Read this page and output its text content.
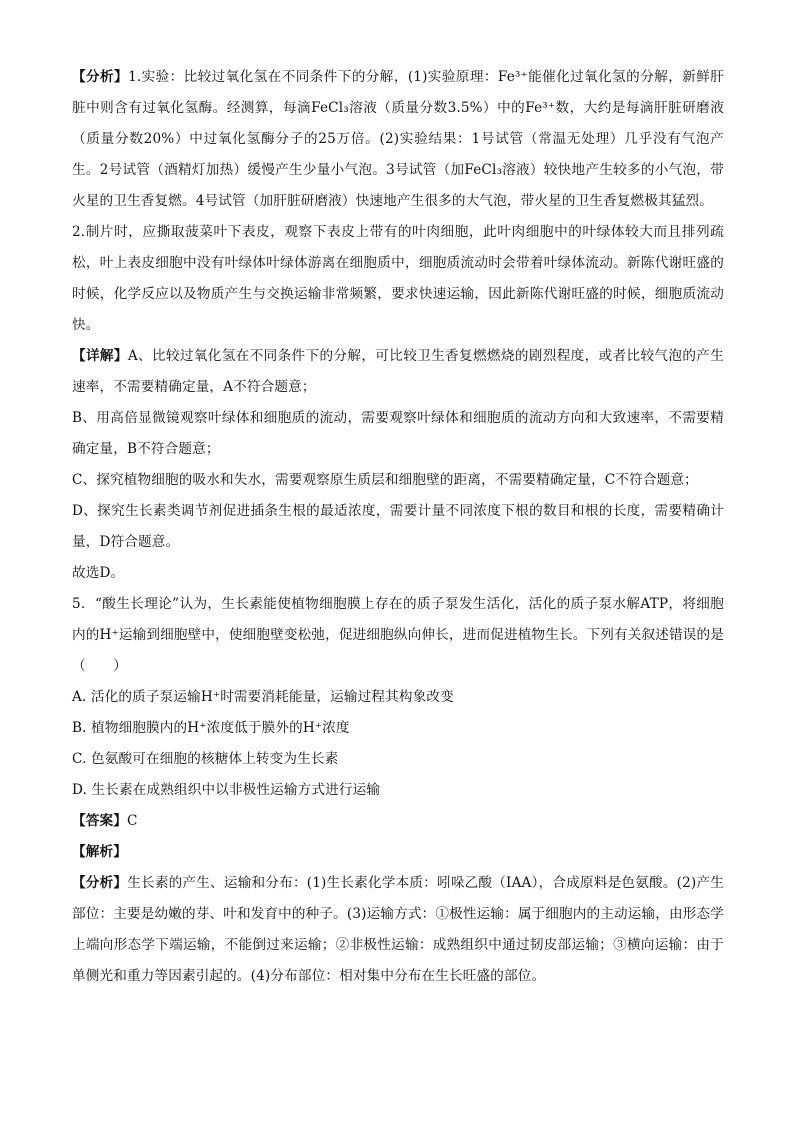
【分析】1.实验：比较过氧化氢在不同条件下的分解，(1)实验原理：Fe³⁺能催化过氧化氢的分解，新鲜肝脏中则含有过氧化氢酶。经测算，每滴FeCl₃溶液（质量分数3.5%）中的Fe³⁺数，大约是每滴肝脏研磨液（质量分数20%）中过氧化氢酶分子的25万倍。(2)实验结果：1号试管（常温无处理）几乎没有气泡产生。2号试管（酒精灯加热）缓慢产生少量小气泡。3号试管（加FeCl₃溶液）较快地产生较多的小气泡，带火星的卫生香复燃。4号试管（加肝脏研磨液）快速地产生很多的大气泡，带火星的卫生香复燃极其猛烈。

2.制片时，应撕取菠菜叶下表皮，观察下表皮上带有的叶肉细胞，此叶肉细胞中的叶绿体较大而且排列疏松，叶上表皮细胞中没有叶绿体叶绿体游离在细胞质中，细胞质流动时会带着叶绿体流动。新陈代谢旺盛的时候，化学反应以及物质产生与交换运输非常频繁，要求快速运输，因此新陈代谢旺盛的时候，细胞质流动快。

【详解】A、比较过氧化氢在不同条件下的分解，可比较卫生香复燃燃烧的剧烈程度，或者比较气泡的产生速率，不需要精确定量，A不符合题意；

B、用高倍显微镜观察叶绿体和细胞质的流动，需要观察叶绿体和细胞质的流动方向和大致速率，不需要精确定量，B不符合题意；

C、探究植物细胞的吸水和失水，需要观察原生质层和细胞壁的距离，不需要精确定量，C不符合题意；

D、探究生长素类调节剂促进插条生根的最适浓度，需要计量不同浓度下根的数目和根的长度，需要精确计量，D符合题意。

故选D。

5．“酸生长理论”认为，生长素能使植物细胞膜上存在的质子泵发生活化，活化的质子泵水解ATP，将细胞内的H⁺运输到细胞壁中，使细胞壁变松弛，促进细胞纵向伸长，进而促进植物生长。下列有关叙述错误的是（　　）

A. 活化的质子泵运输H⁺时需要消耗能量，运输过程其构象改变

B. 植物细胞膜内的H⁺浓度低于膜外的H⁺浓度

C. 色氨酸可在细胞的核糖体上转变为生长素

D. 生长素在成熟组织中以非极性运输方式进行运输

【答案】C

【解析】

【分析】生长素的产生、运输和分布：(1)生长素化学本质：吲哚乙酸（IAA），合成原料是色氨酸。(2)产生部位：主要是幼嫩的芽、叶和发育中的种子。(3)运输方式：①极性运输：属于细胞内的主动运输，由形态学上端向形态学下端运输，不能倒过来运输；②非极性运输：成熟组织中通过韧皮部运输；③横向运输：由于单侧光和重力等因素引起的。(4)分布部位：相对集中分布在生长旺盛的部位。
